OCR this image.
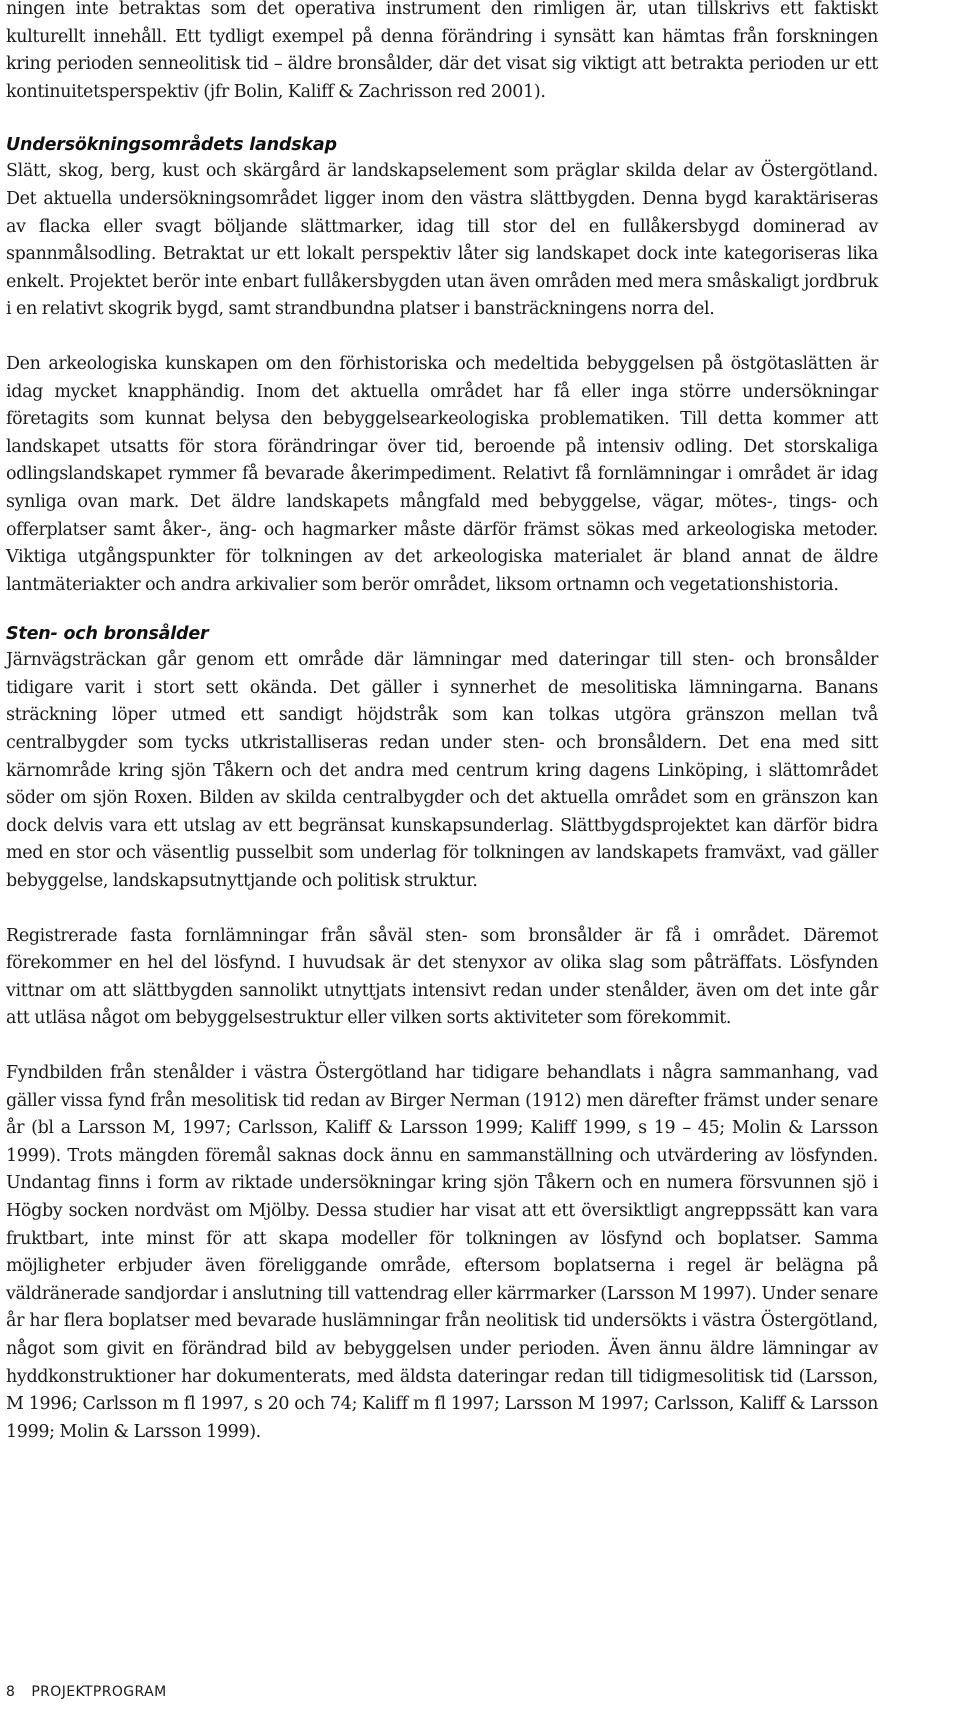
ningen inte betraktas som det operativa instrument den rimligen är, utan tillskrivs ett faktiskt kulturellt innehåll. Ett tydligt exempel på denna förändring i synsätt kan hämtas från forskningen kring perioden senneolitisk tid – äldre bronsålder, där det visat sig viktigt att betrakta perioden ur ett kontinuitetsperspektiv (jfr Bolin, Kaliff & Zachrisson red 2001).

Undersökningsområdets landskap

Slätt, skog, berg, kust och skärgård är landskapselement som präglar skilda delar av Östergötland. Det aktuella undersökningsområdet ligger inom den västra slättbygden. Denna bygd karaktäriseras av flacka eller svagt böljande slättmarker, idag till stor del en fullåkersbygd dominerad av spannmålsodling. Betraktat ur ett lokalt perspektiv låter sig landskapet dock inte kategoriseras lika enkelt. Projektet berör inte enbart fullåkersbygden utan även områden med mera småskaligt jordbruk i en relativt skogrik bygd, samt strandbundna platser i bansträckningens norra del.

Den arkeologiska kunskapen om den förhistoriska och medeltida bebyggelsen på östgötaslätten är idag mycket knapphändig. Inom det aktuella området har få eller inga större undersökningar företagits som kunnat belysa den bebyggelsearkeologiska problematiken. Till detta kommer att landskapet utsatts för stora förändringar över tid, beroende på intensiv odling. Det storskaliga odlingslandskapet rymmer få bevarade åkerimpediment. Relativt få fornlämningar i området är idag synliga ovan mark. Det äldre landskapets mångfald med bebyggelse, vägar, mötes-, tings- och offerplatser samt åker-, äng- och hagmarker måste därför främst sökas med arkeologiska metoder. Viktiga utgångspunkter för tolkningen av det arkeologiska materialet är bland annat de äldre lantmäteriakter och andra arkivalier som berör området, liksom ortnamn och vegetationshistoria.

Sten- och bronsålder

Järnvägsträckan går genom ett område där lämningar med dateringar till sten- och bronsålder tidigare varit i stort sett okända. Det gäller i synnerhet de mesolitiska lämningarna. Banans sträckning löper utmed ett sandigt höjdstråk som kan tolkas utgöra gränszon mellan två centralbygder som tycks utkristalliseras redan under sten- och bronsåldern. Det ena med sitt kärnområde kring sjön Tåkern och det andra med centrum kring dagens Linköping, i slättområdet söder om sjön Roxen. Bilden av skilda centralbygder och det aktuella området som en gränszon kan dock delvis vara ett utslag av ett begränsat kunskapsunderlag. Slättbygdsprojektet kan därför bidra med en stor och väsentlig pusselbit som underlag för tolkningen av landskapets framväxt, vad gäller bebyggelse, landskapsutnyttjande och politisk struktur.

Registrerade fasta fornlämningar från såväl sten- som bronsålder är få i området. Däremot förekommer en hel del lösfynd. I huvudsak är det stenyxor av olika slag som påträffats. Lösfynden vittnar om att slättbygden sannolikt utnyttjats intensivt redan under stenålder, även om det inte går att utläsa något om bebyggelsestruktur eller vilken sorts aktiviteter som förekommit.

Fyndbilden från stenålder i västra Östergötland har tidigare behandlats i några sammanhang, vad gäller vissa fynd från mesolitisk tid redan av Birger Nerman (1912) men därefter främst under senare år (bl a Larsson M, 1997; Carlsson, Kaliff & Larsson 1999; Kaliff 1999, s 19 – 45; Molin & Larsson 1999). Trots mängden föremål saknas dock ännu en sammanställning och utvärdering av lösfynden. Undantag finns i form av riktade undersökningar kring sjön Tåkern och en numera försvunnen sjö i Högby socken nordväst om Mjölby. Dessa studier har visat att ett översiktligt angreppssätt kan vara fruktbart, inte minst för att skapa modeller för tolkningen av lösfynd och boplatser. Samma möjligheter erbjuder även föreliggande område, eftersom boplatserna i regel är belägna på väldränerade sandjordar i anslutning till vattendrag eller kärrmarker (Larsson M 1997). Under senare år har flera boplatser med bevarade huslämningar från neolitisk tid undersökts i västra Östergötland, något som givit en förändrad bild av bebyggelsen under perioden. Även ännu äldre lämningar av hyddkonstruktioner har dokumenterats, med äldsta dateringar redan till tidigmesolitisk tid (Larsson, M 1996; Carlsson m fl 1997, s 20 och 74; Kaliff m fl 1997; Larsson M 1997; Carlsson, Kaliff & Larsson 1999; Molin & Larsson 1999).

8 PROJEKTPROGRAM
